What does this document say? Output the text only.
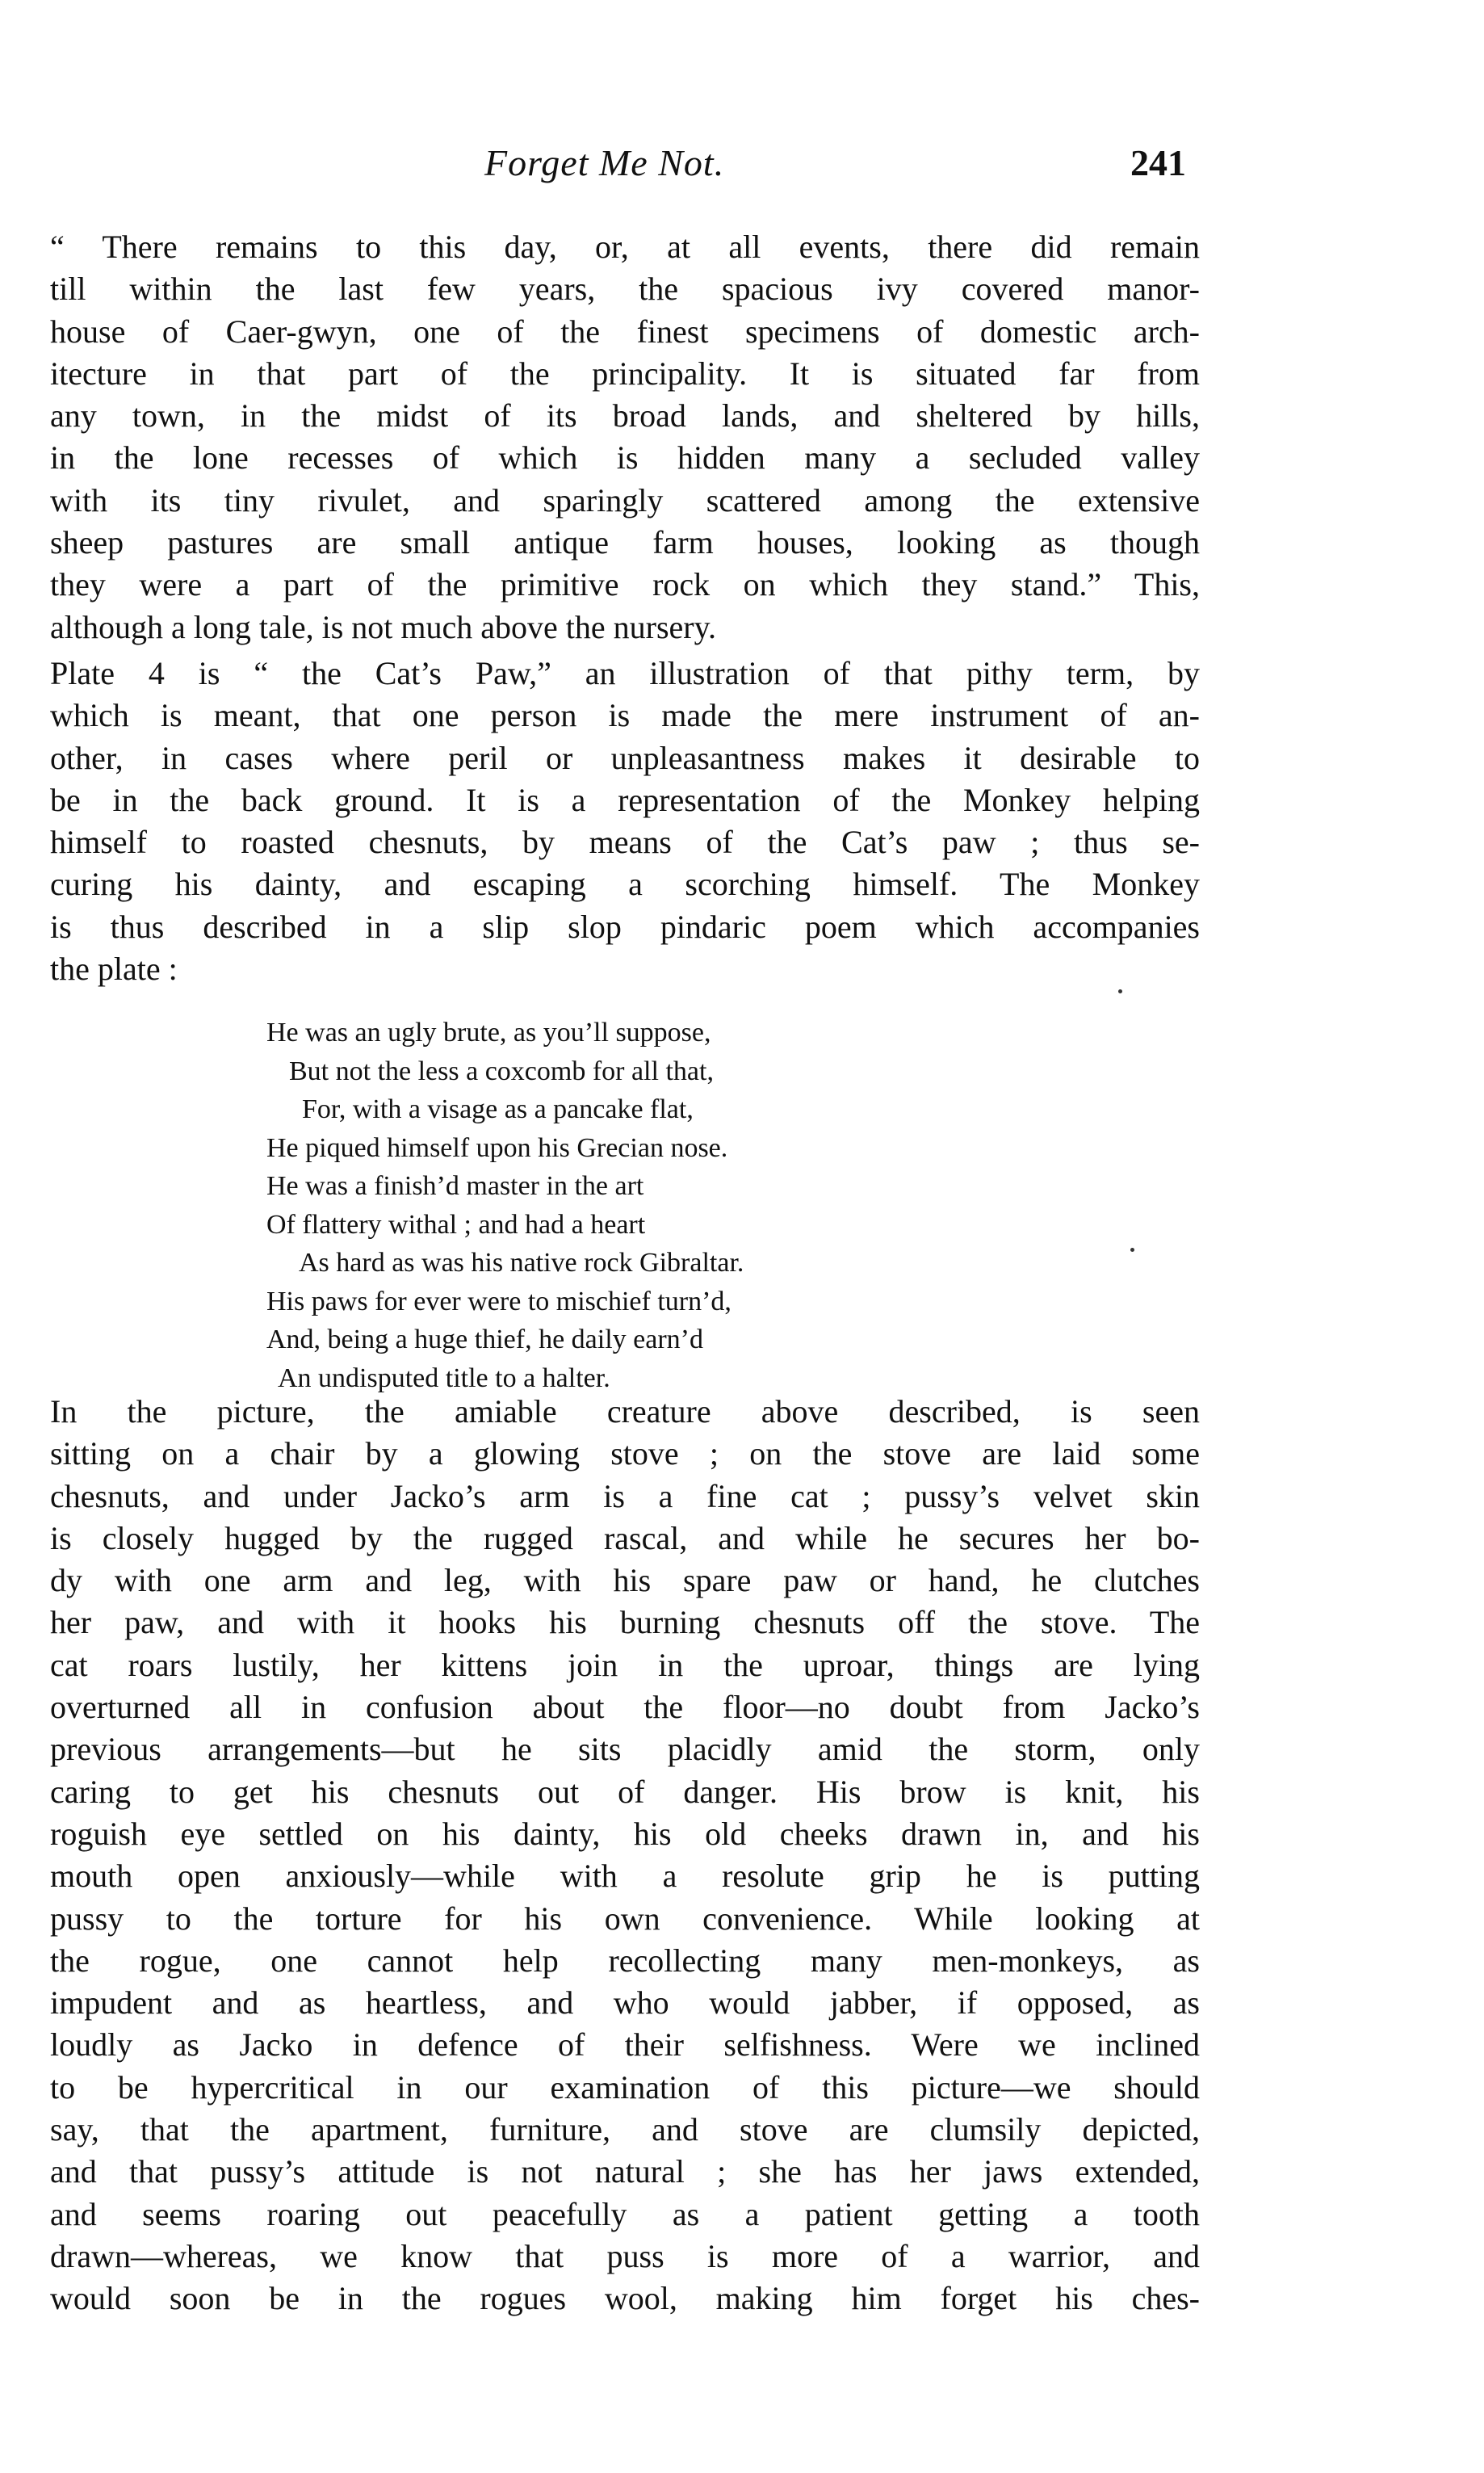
Forget Me Not.	241
“ There remains to this day, or, at all events, there did remain
till within the last few years, the spacious ivy covered manor-
house of Caer-gwyn, one of the finest specimens of domestic arch-
itecture in that part of the principality. It is situated far from
any town, in the midst of its broad lands, and sheltered by hills,
in the lone recesses of which is hidden many a secluded valley
with its tiny rivulet, and sparingly scattered among the extensive
sheep pastures are small antique farm houses, looking as though
they were a part of the primitive rock on which they stand.” This,
although a long tale, is not much above the nursery.
Plate 4 is “ the Cat’s Paw,” an illustration of that pithy term, by
which is meant, that one person is made the mere instrument of an-
other, in cases where peril or unpleasantness makes it desirable to
be in the back ground. It is a representation of the Monkey helping
himself to roasted chesnuts, by means of the Cat’s paw ; thus se-
curing his dainty, and escaping a scorching himself. The Monkey
is thus described in a slip slop pindaric poem which accompanies
the plate :
He was an ugly brute, as you’ll suppose,
But not the less a coxcomb for all that,
For, with a visage as a pancake flat,
He piqued himself upon his Grecian nose.
He was a finish’d master in the art
Of flattery withal ; and had a heart
As hard as was his native rock Gibraltar.
His paws for ever were to mischief turn’d,
And, being a huge thief, he daily earn’d
An undisputed title to a halter.
In the picture, the amiable creature above described, is seen
sitting on a chair by a glowing stove ; on the stove are laid some
chesnuts, and under Jacko’s arm is a fine cat ; pussy’s velvet skin
is closely hugged by the rugged rascal, and while he secures her bo-
dy with one arm and leg, with his spare paw or hand, he clutches
her paw, and with it hooks his burning chesnuts off the stove. The
cat roars lustily, her kittens join in the uproar, things are lying
overturned all in confusion about the floor—no doubt from Jacko’s
previous arrangements—but he sits placidly amid the storm, only
caring to get his chesnuts out of danger. His brow is knit, his
roguish eye settled on his dainty, his old cheeks drawn in, and his
mouth open anxiously—while with a resolute grip he is putting
pussy to the torture for his own convenience. While looking at
the rogue, one cannot help recollecting many men-monkeys, as
impudent and as heartless, and who would jabber, if opposed, as
loudly as Jacko in defence of their selfishness. Were we inclined
to be hypercritical in our examination of this picture—we should
say, that the apartment, furniture, and stove are clumsily depicted,
and that pussy’s attitude is not natural ; she has her jaws extended,
and seems roaring out peacefully as a patient getting a tooth
drawn—whereas, we know that puss is more of a warrior, and
would soon be in the rogues wool, making him forget his ches-
